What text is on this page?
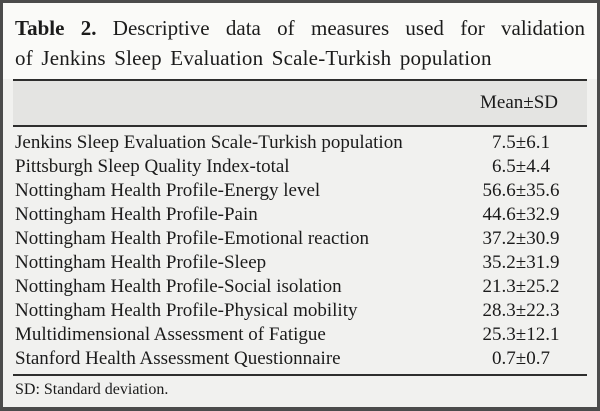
Table 2. Descriptive data of measures used for validation
of Jenkins Sleep Evaluation Scale-Turkish population
Mean±SD
Jenkins Sleep Evaluation Scale-Turkish population	7.5±6.1
Pittsburgh Sleep Quality Index-total	6.5±4.4
Nottingham Health Profile-Energy level	56.6±35.6
Nottingham Health Profile-Pain	44.6±32.9
Nottingham Health Profile-Emotional reaction	37.2±30.9
Nottingham Health Profile-Sleep	35.2±31.9
Nottingham Health Profile-Social isolation	21.3±25.2
Nottingham Health Profile-Physical mobility	28.3±22.3
Multidimensional Assessment of Fatigue	25.3±12.1
Stanford Health Assessment Questionnaire	0.7±0.7
SD: Standard deviation.
